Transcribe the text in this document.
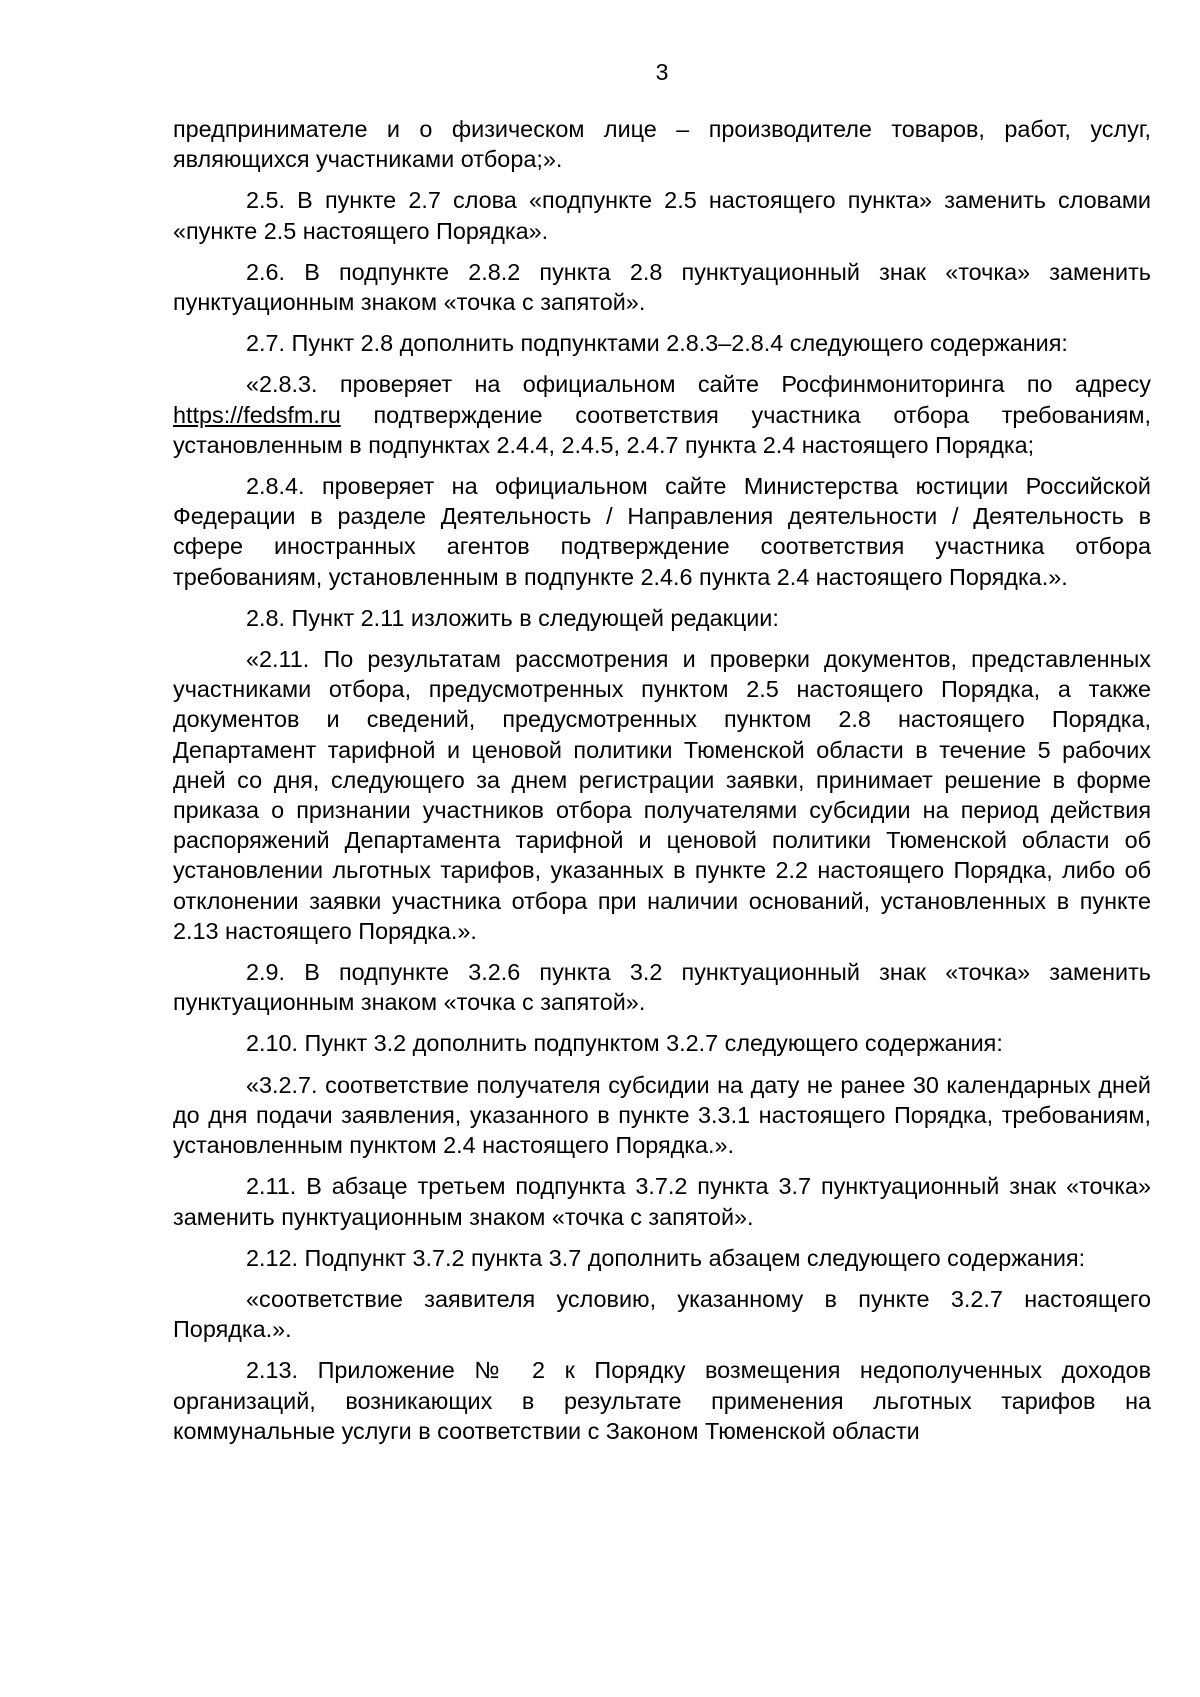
3

предпринимателе и о физическом лице – производителе товаров, работ, услуг, являющихся участниками отбора;».

2.5. В пункте 2.7 слова «подпункте 2.5 настоящего пункта» заменить словами «пункте 2.5 настоящего Порядка».

2.6. В подпункте 2.8.2 пункта 2.8 пунктуационный знак «точка» заменить пунктуационным знаком «точка с запятой».

2.7. Пункт 2.8 дополнить подпунктами 2.8.3–2.8.4 следующего содержания:

«2.8.3. проверяет на официальном сайте Росфинмониторинга по адресу https://fedsfm.ru подтверждение соответствия участника отбора требованиям, установленным в подпунктах 2.4.4, 2.4.5, 2.4.7 пункта 2.4 настоящего Порядка;

2.8.4. проверяет на официальном сайте Министерства юстиции Российской Федерации в разделе Деятельность / Направления деятельности / Деятельность в сфере иностранных агентов подтверждение соответствия участника отбора требованиям, установленным в подпункте 2.4.6 пункта 2.4 настоящего Порядка.».

2.8. Пункт 2.11 изложить в следующей редакции:

«2.11. По результатам рассмотрения и проверки документов, представленных участниками отбора, предусмотренных пунктом 2.5 настоящего Порядка, а также документов и сведений, предусмотренных пунктом 2.8 настоящего Порядка, Департамент тарифной и ценовой политики Тюменской области в течение 5 рабочих дней со дня, следующего за днем регистрации заявки, принимает решение в форме приказа о признании участников отбора получателями субсидии на период действия распоряжений Департамента тарифной и ценовой политики Тюменской области об установлении льготных тарифов, указанных в пункте 2.2 настоящего Порядка, либо об отклонении заявки участника отбора при наличии оснований, установленных в пункте 2.13 настоящего Порядка.».

2.9. В подпункте 3.2.6 пункта 3.2 пунктуационный знак «точка» заменить пунктуационным знаком «точка с запятой».

2.10. Пункт 3.2 дополнить подпунктом 3.2.7 следующего содержания:

«3.2.7. соответствие получателя субсидии на дату не ранее 30 календарных дней до дня подачи заявления, указанного в пункте 3.3.1 настоящего Порядка, требованиям, установленным пунктом 2.4 настоящего Порядка.».

2.11. В абзаце третьем подпункта 3.7.2 пункта 3.7 пунктуационный знак «точка» заменить пунктуационным знаком «точка с запятой».

2.12. Подпункт 3.7.2 пункта 3.7 дополнить абзацем следующего содержания:

«соответствие заявителя условию, указанному в пункте 3.2.7 настоящего Порядка.».

2.13. Приложение № 2 к Порядку возмещения недополученных доходов организаций, возникающих в результате применения льготных тарифов на коммунальные услуги в соответствии с Законом Тюменской области
